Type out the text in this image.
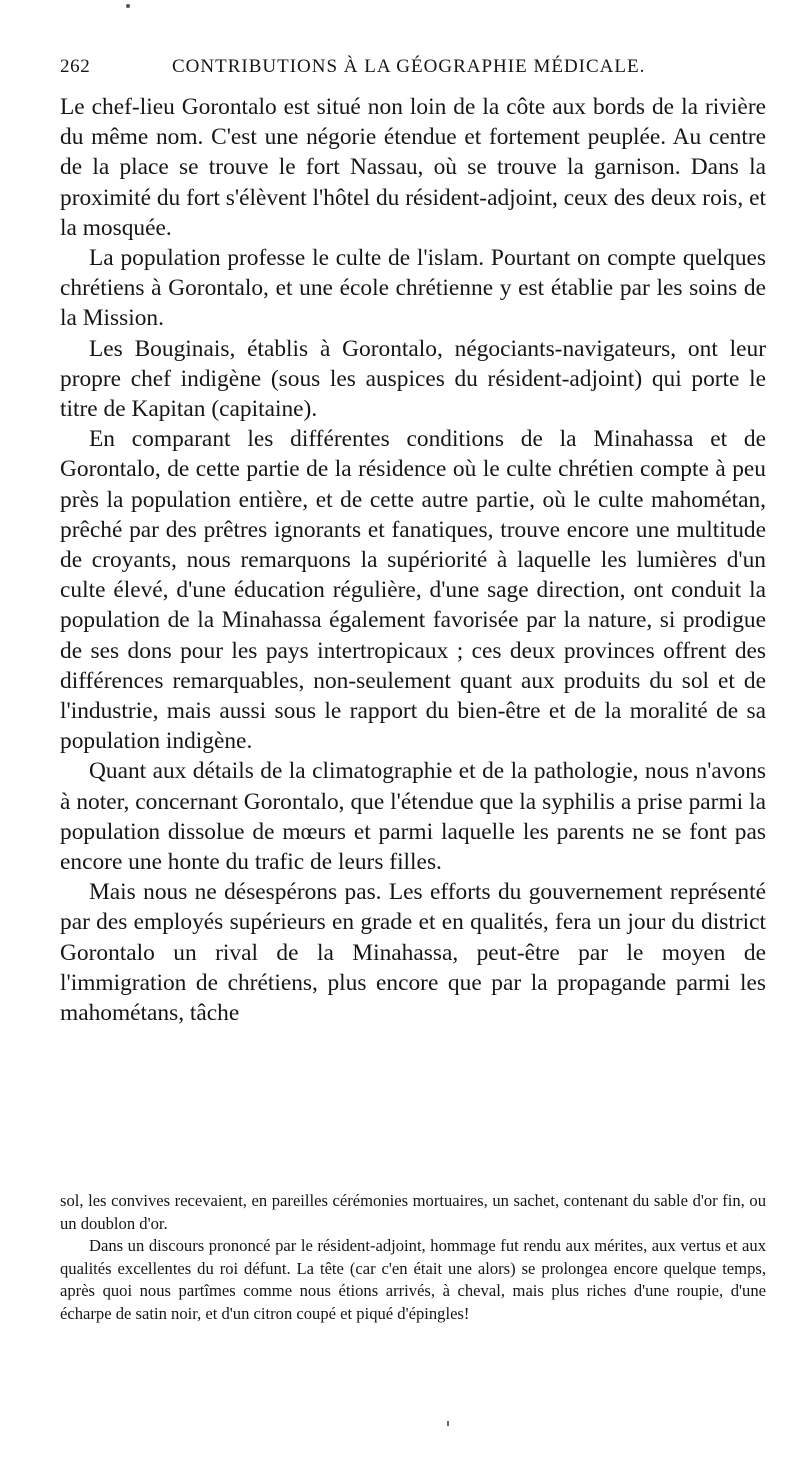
262	CONTRIBUTIONS À LA GÉOGRAPHIE MÉDICALE.

Le chef-lieu Gorontalo est situé non loin de la côte aux bords de la rivière du même nom. C'est une négorie étendue et fortement peuplée. Au centre de la place se trouve le fort Nassau, où se trouve la garnison. Dans la proximité du fort s'élèvent l'hôtel du résident-adjoint, ceux des deux rois, et la mosquée.

La population professe le culte de l'islam. Pourtant on compte quelques chrétiens à Gorontalo, et une école chrétienne y est établie par les soins de la Mission.

Les Bouginais, établis à Gorontalo, négociants-navigateurs, ont leur propre chef indigène (sous les auspices du résident-adjoint) qui porte le titre de Kapitan (capitaine).

En comparant les différentes conditions de la Minahassa et de Gorontalo, de cette partie de la résidence où le culte chrétien compte à peu près la population entière, et de cette autre partie, où le culte mahométan, prêché par des prêtres ignorants et fanatiques, trouve encore une multitude de croyants, nous remarquons la supériorité à laquelle les lumières d'un culte élevé, d'une éducation régulière, d'une sage direction, ont conduit la population de la Minahassa également favorisée par la nature, si prodigue de ses dons pour les pays intertropicaux ; ces deux provinces offrent des différences remarquables, non-seulement quant aux produits du sol et de l'industrie, mais aussi sous le rapport du bien-être et de la moralité de sa population indigène.

Quant aux détails de la climatographie et de la pathologie, nous n'avons à noter, concernant Gorontalo, que l'étendue que la syphilis a prise parmi la population dissolue de mœurs et parmi laquelle les parents ne se font pas encore une honte du trafic de leurs filles.

Mais nous ne désespérons pas. Les efforts du gouvernement représenté par des employés supérieurs en grade et en qualités, fera un jour du district Gorontalo un rival de la Minahassa, peut-être par le moyen de l'immigration de chrétiens, plus encore que par la propagande parmi les mahométans, tâche

sol, les convives recevaient, en pareilles cérémonies mortuaires, un sachet, contenant du sable d'or fin, ou un doublon d'or.

Dans un discours prononcé par le résident-adjoint, hommage fut rendu aux mérites, aux vertus et aux qualités excellentes du roi défunt. La tête (car c'en était une alors) se prolongea encore quelque temps, après quoi nous partîmes comme nous étions arrivés, à cheval, mais plus riches d'une roupie, d'une écharpe de satin noir, et d'un citron coupé et piqué d'épingles!
